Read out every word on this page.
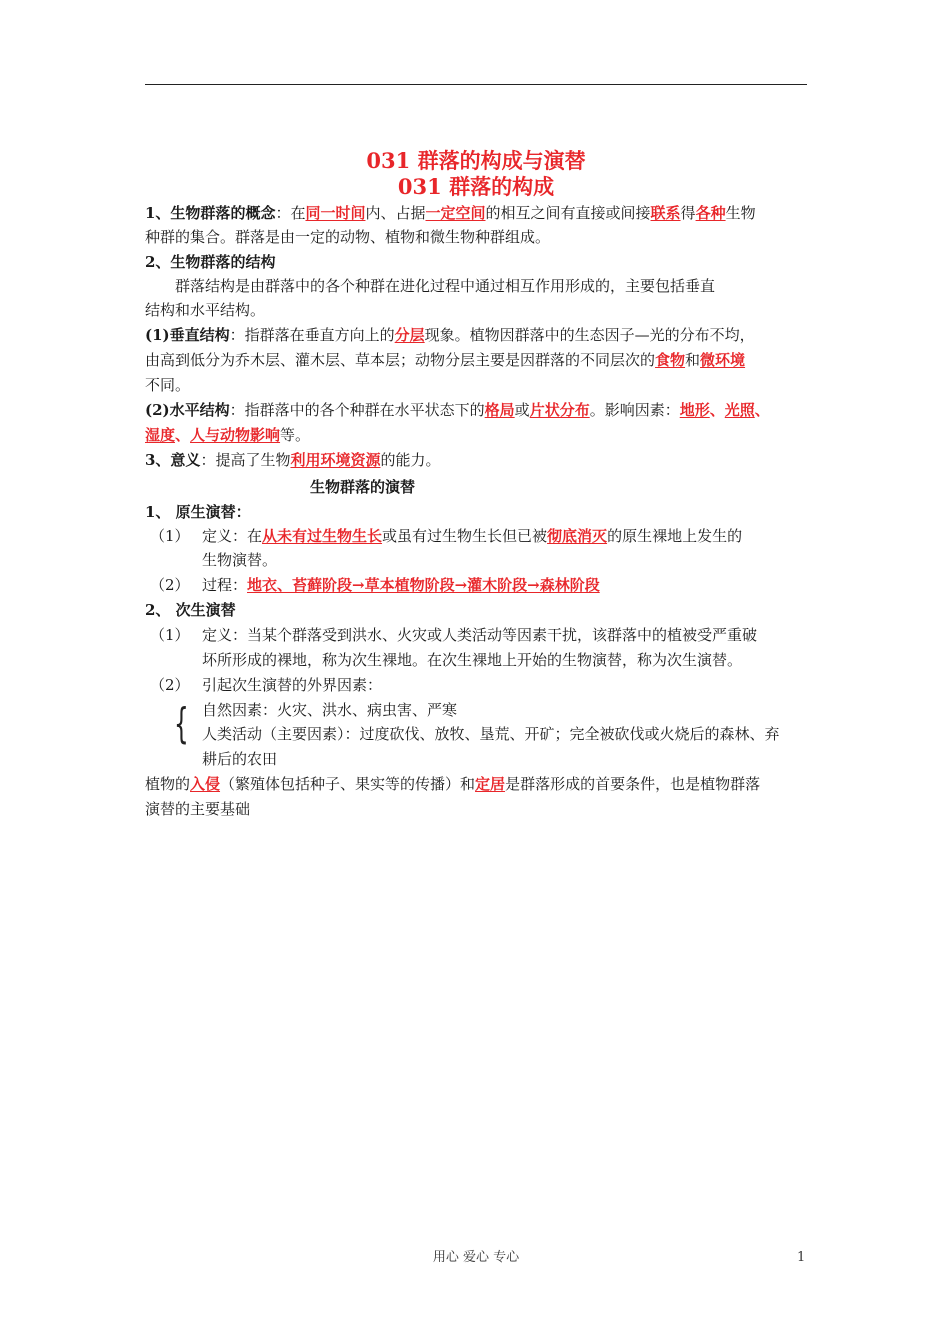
031 群落的构成与演替
031 群落的构成
1、生物群落的概念：在同一时间内、占据一定空间的相互之间有直接或间接联系得各种生物
种群的集合。群落是由一定的动物、植物和微生物种群组成。
2、生物群落的结构
群落结构是由群落中的各个种群在进化过程中通过相互作用形成的，主要包括垂直
结构和水平结构。
(1)垂直结构：指群落在垂直方向上的分层现象。植物因群落中的生态因子—光的分布不均，
由高到低分为乔木层、灌木层、草本层；动物分层主要是因群落的不同层次的食物和微环境
不同。
(2)水平结构：指群落中的各个种群在水平状态下的格局或片状分布。影响因素：地形、光照、
湿度、人与动物影响等。
3、意义：提高了生物利用环境资源的能力。
生物群落的演替
1、 原生演替：
（1） 定义：在从未有过生物生长或虽有过生物生长但已被彻底消灭的原生裸地上发生的
生物演替。
（2） 过程：地衣、苔藓阶段→草本植物阶段→灌木阶段→森林阶段
2、 次生演替
（1） 定义：当某个群落受到洪水、火灾或人类活动等因素干扰，该群落中的植被受严重破
坏所形成的裸地，称为次生裸地。在次生裸地上开始的生物演替，称为次生演替。
（2） 引起次生演替的外界因素：
{ 自然因素：火灾、洪水、病虫害、严寒
人类活动（主要因素）：过度砍伐、放牧、垦荒、开矿；完全被砍伐或火烧后的森林、弃
耕后的农田
植物的入侵（繁殖体包括种子、果实等的传播）和定居是群落形成的首要条件，也是植物群落
演替的主要基础
用心 爱心 专心	1
